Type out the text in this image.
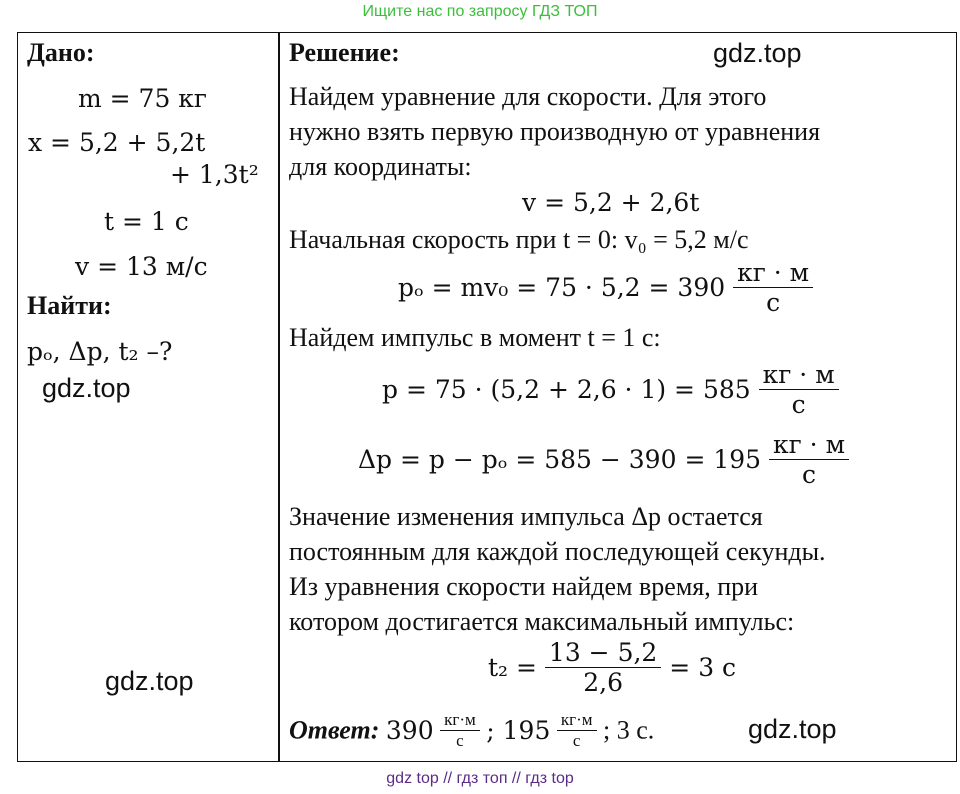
Ищите нас по запросу ГДЗ ТОП
gdz.top
gdz.top
gdz.top
gdz.top
Дано:
m = 75 кг
x = 5,2 + 5,2t
+ 1,3t²
t = 1 с
v = 13 м/с
Найти:
pₒ, Δp, t₂ –?
Решение:
Найдем уравнение для скорости. Для этого
нужно взять первую производную от уравнения
для координаты:
v = 5,2 + 2,6t
Начальная скорость при t = 0: v₀ = 5,2 м/с
$p_o = mv_0 = 75 \cdot 5,2 = 390 \frac{кг \cdot м}{с}$
Найдем импульс в момент t = 1 с:
$p = 75 \cdot (5,2 + 2,6 \cdot 1) = 585 \frac{кг \cdot м}{с}$
$\Delta p = p - p_o = 585 - 390 = 195 \frac{кг \cdot м}{с}$
Значение изменения импульса Δp остается
постоянным для каждой последующей секунды.
Из уравнения скорости найдем время, при
котором достигается максимальный импульс:
$t_2 = \frac{13 - 5,2}{2,6} = 3$ с
Ответ: $390 \frac{кг\cdot м}{с}$ ; $195 \frac{кг\cdot м}{с}$ ; 3 с.
gdz top // гдз топ // гдз top
